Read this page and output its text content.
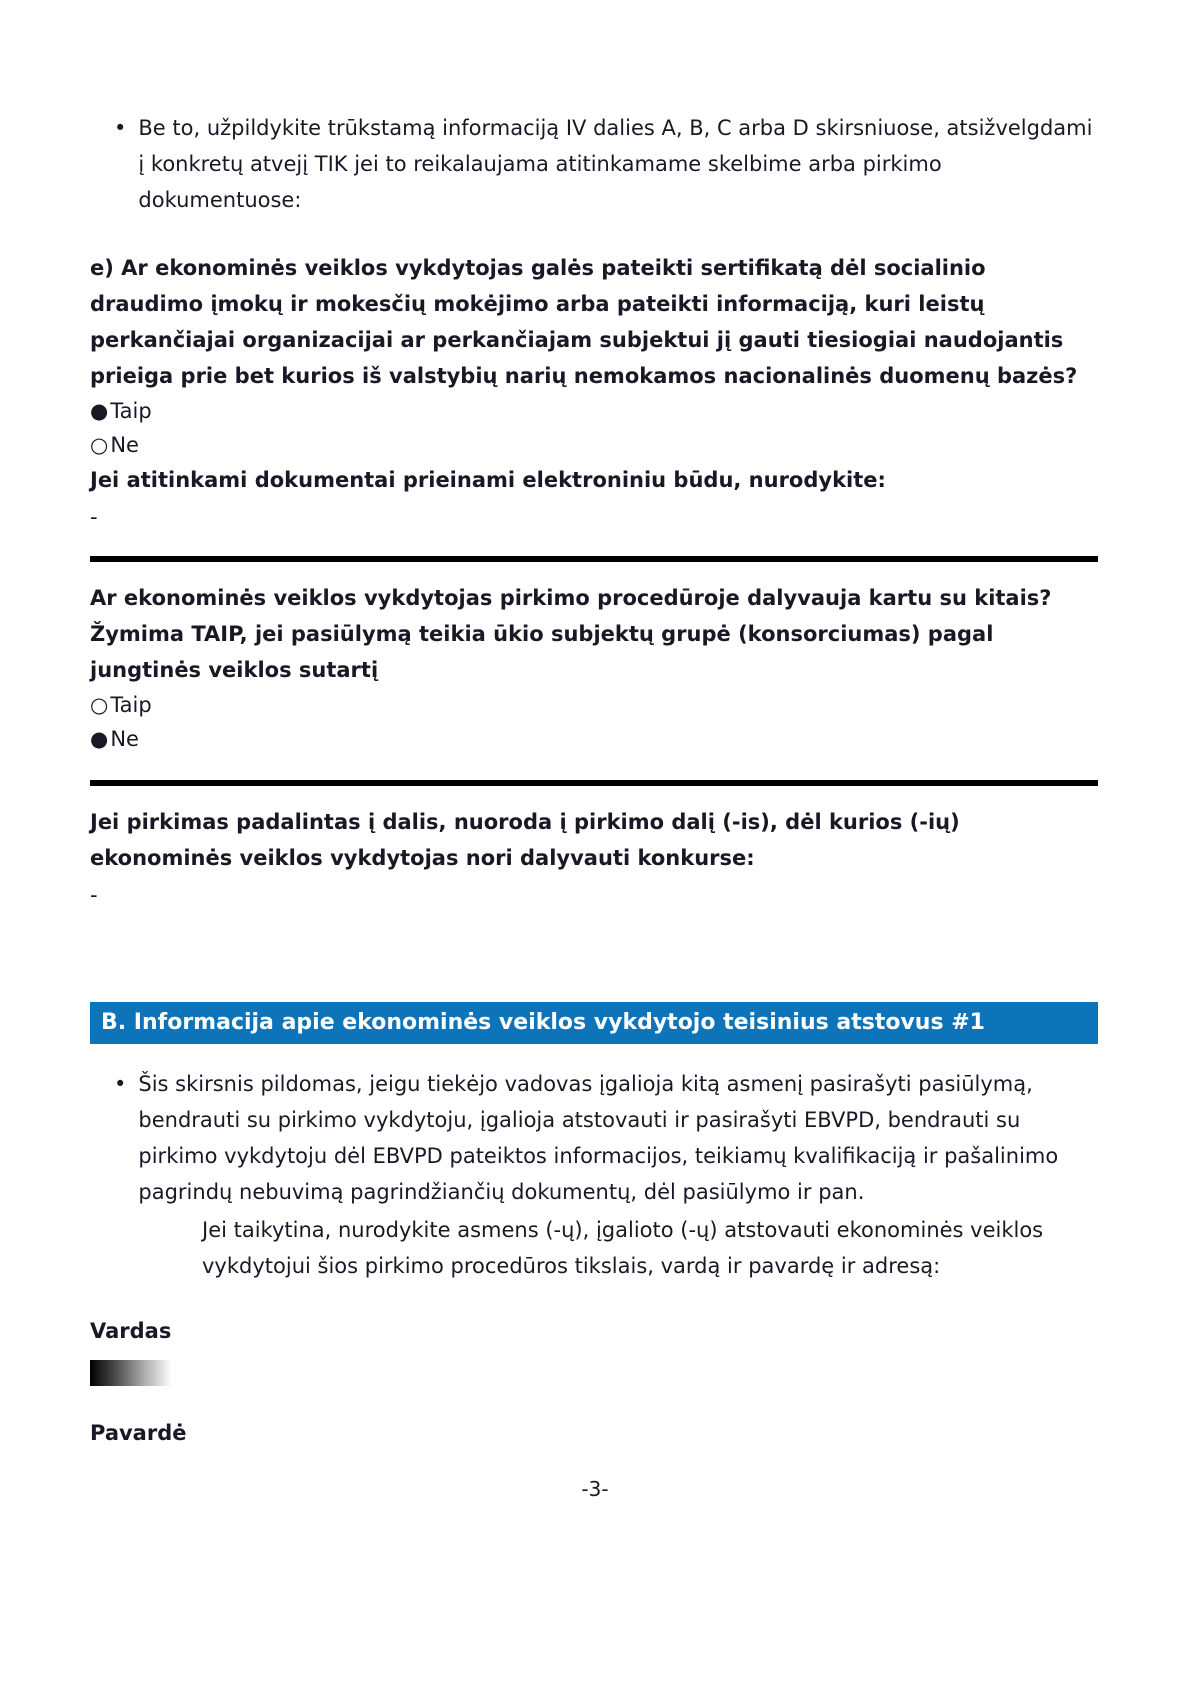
• Be to, užpildykite trūkstamą informaciją IV dalies A, B, C arba D skirsniuose, atsižvelgdami į konkretų atvejį TIK jei to reikalaujama atitinkamame skelbime arba pirkimo dokumentuose:

e) Ar ekonominės veiklos vykdytojas galės pateikti sertifikatą dėl socialinio draudimo įmokų ir mokesčių mokėjimo arba pateikti informaciją, kuri leistų perkančiajai organizacijai ar perkančiajam subjektui jį gauti tiesiogiai naudojantis prieiga prie bet kurios iš valstybių narių nemokamos nacionalinės duomenų bazės?

● Taip
○ Ne

Jei atitinkami dokumentai prieinami elektroniniu būdu, nurodykite:

-

Ar ekonominės veiklos vykdytojas pirkimo procedūroje dalyvauja kartu su kitais? Žymima TAIP, jei pasiūlymą teikia ūkio subjektų grupė (konsorciumas) pagal jungtinės veiklos sutartį

○ Taip
● Ne

Jei pirkimas padalintas į dalis, nuoroda į pirkimo dalį (-is), dėl kurios (-ių) ekonominės veiklos vykdytojas nori dalyvauti konkurse:

-

B. Informacija apie ekonominės veiklos vykdytojo teisinius atstovus #1
• Šis skirsnis pildomas, jeigu tiekėjo vadovas įgalioja kitą asmenį pasirašyti pasiūlymą, bendrauti su pirkimo vykdytoju, įgalioja atstovauti ir pasirašyti EBVPD, bendrauti su pirkimo vykdytoju dėl EBVPD pateiktos informacijos, teikiamų kvalifikaciją ir pašalinimo pagrindų nebuvimą pagrindžiančių dokumentų, dėl pasiūlymo ir pan.

Jei taikytina, nurodykite asmens (-ų), įgalioto (-ų) atstovauti ekonominės veiklos vykdytojui šios pirkimo procedūros tikslais, vardą ir pavardę ir adresą:

Vardas

Pavardė

-3-
